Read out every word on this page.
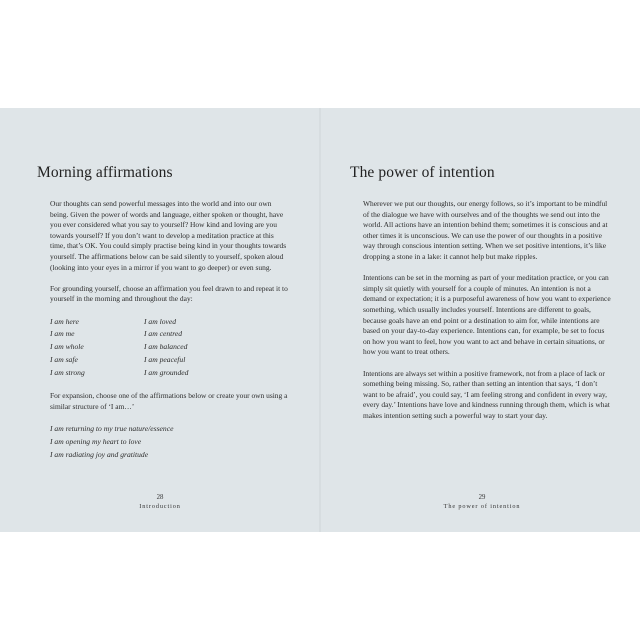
Morning affirmations

Our thoughts can send powerful messages into the world and into our own being. Given the power of words and language, either spoken or thought, have you ever considered what you say to yourself? How kind and loving are you towards yourself? If you don’t want to develop a meditation practice at this time, that’s OK. You could simply practise being kind in your thoughts towards yourself. The affirmations below can be said silently to yourself, spoken aloud (looking into your eyes in a mirror if you want to go deeper) or even sung.

For grounding yourself, choose an affirmation you feel drawn to and repeat it to yourself in the morning and throughout the day:

I am here	I am loved
I am me	I am centred
I am whole	I am balanced
I am safe	I am peaceful
I am strong	I am grounded

For expansion, choose one of the affirmations below or create your own using a similar structure of ‘I am…’

I am returning to my true nature/essence
I am opening my heart to love
I am radiating joy and gratitude
28
Introduction
The power of intention

Wherever we put our thoughts, our energy follows, so it’s important to be mindful of the dialogue we have with ourselves and of the thoughts we send out into the world. All actions have an intention behind them; sometimes it is conscious and at other times it is unconscious. We can use the power of our thoughts in a positive way through conscious intention setting. When we set positive intentions, it’s like dropping a stone in a lake: it cannot help but make ripples.

Intentions can be set in the morning as part of your meditation practice, or you can simply sit quietly with yourself for a couple of minutes. An intention is not a demand or expectation; it is a purposeful awareness of how you want to experience something, which usually includes yourself. Intentions are different to goals, because goals have an end point or a destination to aim for, while intentions are based on your day-to-day experience. Intentions can, for example, be set to focus on how you want to feel, how you want to act and behave in certain situations, or how you want to treat others.

Intentions are always set within a positive framework, not from a place of lack or something being missing. So, rather than setting an intention that says, ‘I don’t want to be afraid’, you could say, ‘I am feeling strong and confident in every way, every day.’ Intentions have love and kindness running through them, which is what makes intention setting such a powerful way to start your day.

29
The power of intention
